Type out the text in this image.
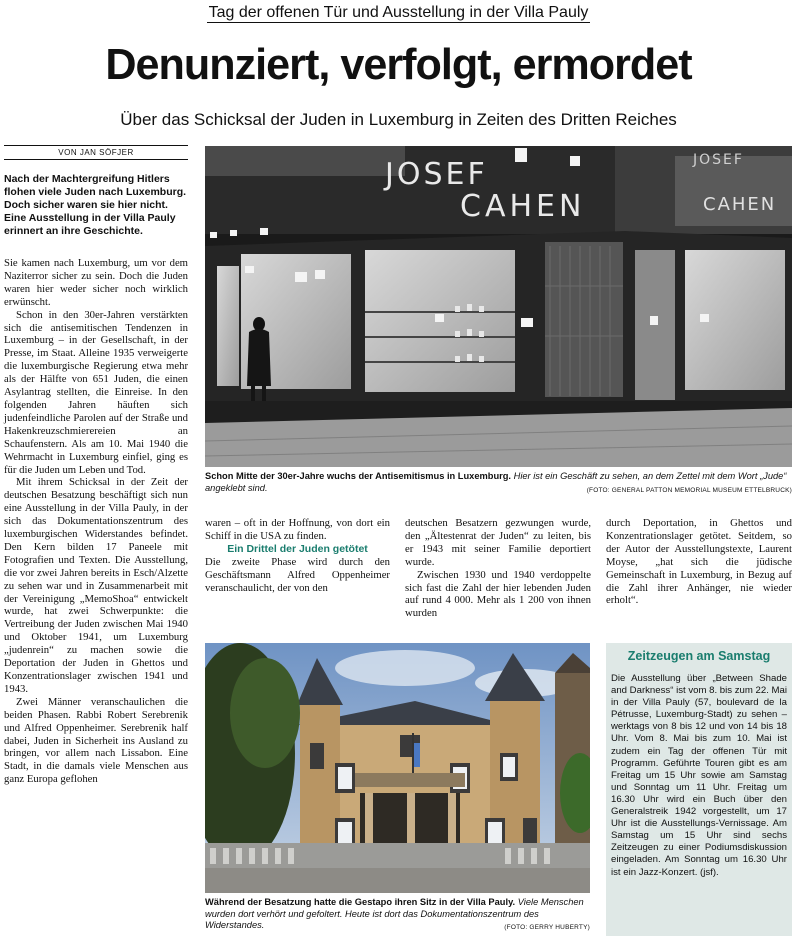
Tag der offenen Tür und Ausstellung in der Villa Pauly
Denunziert, verfolgt, ermordet
Über das Schicksal der Juden in Luxemburg in Zeiten des Dritten Reiches
VON JAN SÖFJER
Nach der Machtergreifung Hitlers flohen viele Juden nach Luxemburg. Doch sicher waren sie hier nicht. Eine Ausstellung in der Villa Pauly erinnert an ihre Geschichte.

Sie kamen nach Luxemburg, um vor dem Naziterror sicher zu sein. Doch die Juden waren hier weder sicher noch wirklich erwünscht.

Schon in den 30er-Jahren verstärkten sich die antisemitischen Tendenzen in Luxemburg – in der Gesellschaft, in der Presse, im Staat. Alleine 1935 verweigerte die luxemburgische Regierung etwa mehr als der Hälfte von 651 Juden, die einen Asylantrag stellten, die Einreise. In den folgenden Jahren häuften sich judenfeindliche Parolen auf der Straße und Hakenkreuzschmierereien an Schaufenstern. Als am 10. Mai 1940 die Wehrmacht in Luxemburg einfiel, ging es für die Juden um Leben und Tod.

Mit ihrem Schicksal in der Zeit der deutschen Besatzung beschäftigt sich nun eine Ausstellung in der Villa Pauly, in der sich das Dokumentationszentrum des luxemburgischen Widerstandes befindet. Den Kern bilden 17 Paneele mit Fotografien und Texten. Die Ausstellung, die vor zwei Jahren bereits in Esch/Alzette zu sehen war und in Zusammenarbeit mit der Vereinigung „MemoShoa“ entwickelt wurde, hat zwei Schwerpunkte: die Vertreibung der Juden zwischen Mai 1940 und Oktober 1941, um Luxemburg „judenrein“ zu machen sowie die Deportation der Juden in Ghettos und Konzentrationslager zwischen 1941 und 1943.

Zwei Männer veranschaulichen die beiden Phasen. Rabbi Robert Serebrenik und Alfred Oppenheimer. Serebrenik half dabei, Juden in Sicherheit ins Ausland zu bringen, vor allem nach Lissabon. Eine Stadt, in die damals viele Menschen aus ganz Europa geflohen

JOSEF
CAHEN
JOSEF
CAHEN
Schon Mitte der 30er-Jahre wuchs der Antisemitismus in Luxemburg. Hier ist ein Geschäft zu sehen, an dem Zettel mit dem Wort „Jude“ angeklebt sind.	(FOTO: GENERAL PATTON MEMORIAL MUSEUM ETTELBRUCK)

waren – oft in der Hoffnung, von dort ein Schiff in die USA zu finden.

Ein Drittel der Juden getötet

Die zweite Phase wird durch den Geschäftsmann Alfred Oppenheimer veranschaulicht, der von den

deutschen Besatzern gezwungen wurde, den „Ältestenrat der Juden“ zu leiten, bis er 1943 mit seiner Familie deportiert wurde.

Zwischen 1930 und 1940 verdoppelte sich fast die Zahl der hier lebenden Juden auf rund 4 000. Mehr als 1 200 von ihnen wurden

durch Deportation, in Ghettos und Konzentrationslager getötet. Seitdem, so der Autor der Ausstellungstexte, Laurent Moyse, „hat sich die jüdische Gemeinschaft in Luxemburg, in Bezug auf die Zahl ihrer Anhänger, nie wieder erholt“.

Während der Besatzung hatte die Gestapo ihren Sitz in der Villa Pauly. Viele Menschen wurden dort verhört und gefoltert. Heute ist dort das Dokumentationszentrum des Widerstandes.	(FOTO: GERRY HUBERTY)
Zeitzeugen am Samstag
Die Ausstellung über „Between Shade and Darkness“ ist vom 8. bis zum 22. Mai in der Villa Pauly (57, boulevard de la Pétrusse, Luxemburg-Stadt) zu sehen – werktags von 8 bis 12 und von 14 bis 18 Uhr. Vom 8. Mai bis zum 10. Mai ist zudem ein Tag der offenen Tür mit Programm. Geführte Touren gibt es am Freitag um 15 Uhr sowie am Samstag und Sonntag um 11 Uhr. Freitag um 16.30 Uhr wird ein Buch über den Generalstreik 1942 vorgestellt, um 17 Uhr ist die Ausstellungs-Vernissage. Am Samstag um 15 Uhr sind sechs Zeitzeugen zu einer Podiumsdiskussion eingeladen. Am Sonntag um 16.30 Uhr ist ein Jazz-Konzert. (jsf).
